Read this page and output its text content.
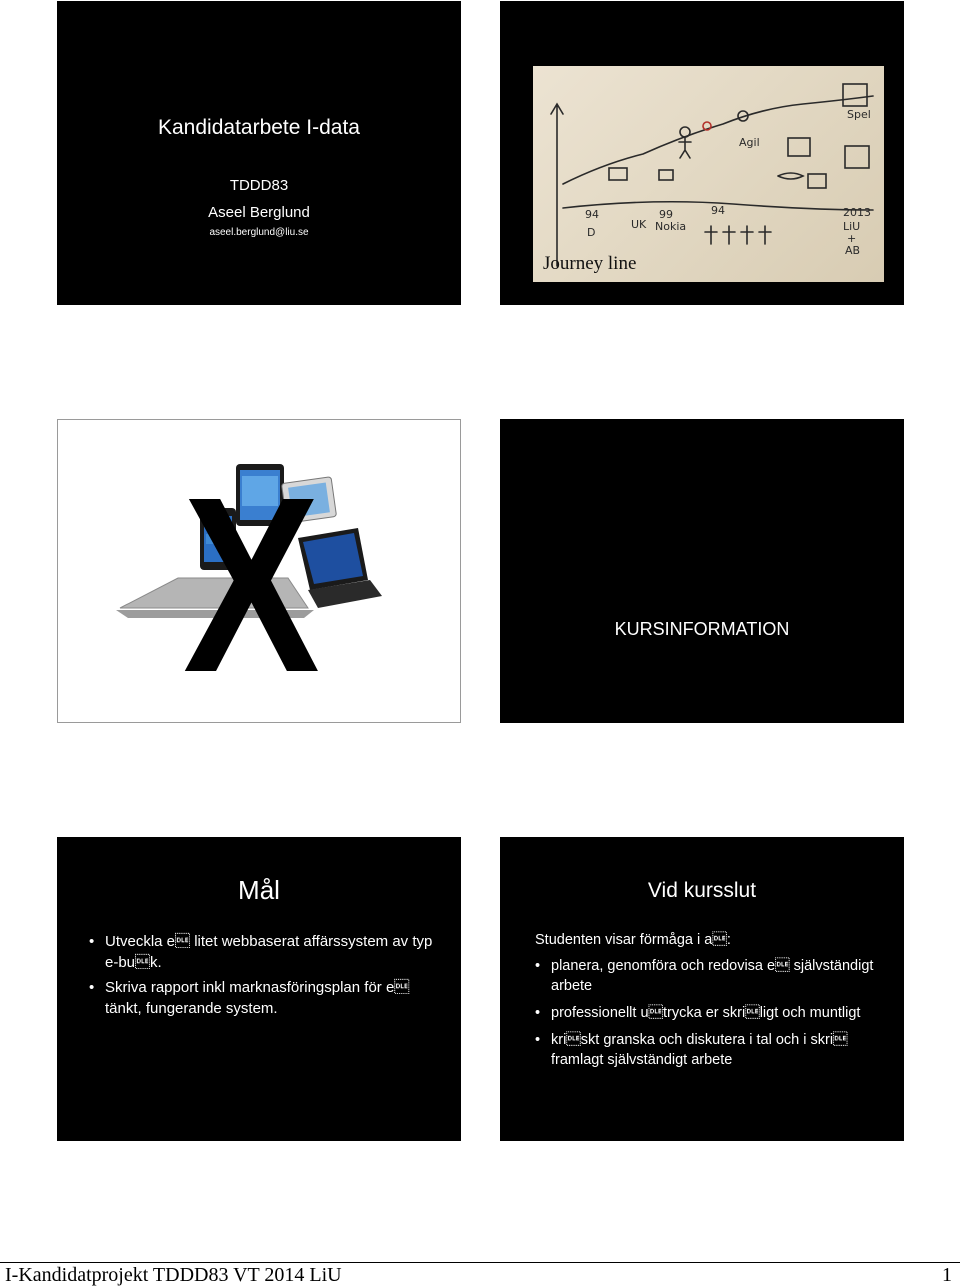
Kandidatarbete I-data
TDDD83
Aseel Berglund
aseel.berglund@liu.se
94
D
99	94	2013
LiU
+
AB
UK Nokia
Spel
Agil
Journey line
X	KURSINFORMATION
Mål
• Utveckla e litet webbaserat affärssystem av typ e-buk.
• Skriva rapport inkl marknasföringsplan för e tänkt, fungerande system.
Vid kursslut
Studenten visar förmåga i a:
• planera, genomföra och redovisa e självständigt arbete
• professionellt utrycka er skriligt och muntligt
• kriskt granska och diskutera i tal och i skri framlagt självständigt arbete
I-Kandidatprojekt TDDD83 VT 2014 LiU	1
